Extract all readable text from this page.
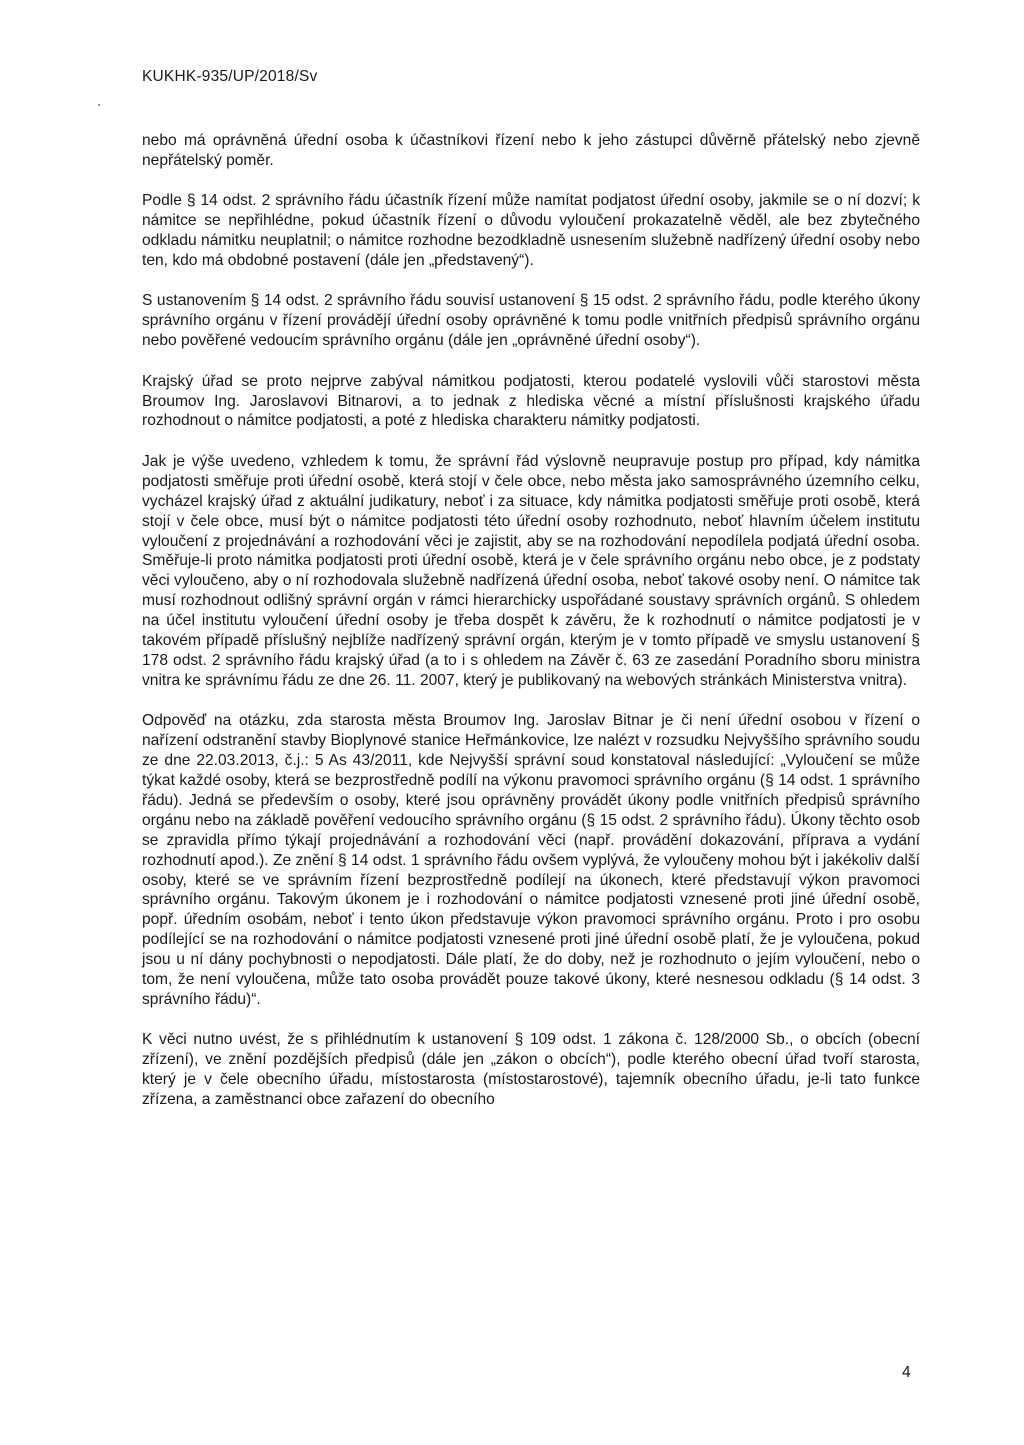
KUKHK-935/UP/2018/Sv

nebo má oprávněná úřední osoba k účastníkovi řízení nebo k jeho zástupci důvěrně přátelský nebo zjevně nepřátelský poměr.

Podle § 14 odst. 2 správního řádu účastník řízení může namítat podjatost úřední osoby, jakmile se o ní dozví; k námitce se nepřihlédne, pokud účastník řízení o důvodu vyloučení prokazatelně věděl, ale bez zbytečného odkladu námitku neuplatnil; o námitce rozhodne bezodkladně usnesením služebně nadřízený úřední osoby nebo ten, kdo má obdobné postavení (dále jen „představený“).

S ustanovením § 14 odst. 2 správního řádu souvisí ustanovení § 15 odst. 2 správního řádu, podle kterého úkony správního orgánu v řízení provádějí úřední osoby oprávněné k tomu podle vnitřních předpisů správního orgánu nebo pověřené vedoucím správního orgánu (dále jen „oprávněné úřední osoby“).

Krajský úřad se proto nejprve zabýval námitkou podjatosti, kterou podatelé vyslovili vůči starostovi města Broumov Ing. Jaroslavovi Bitnarovi, a to jednak z hlediska věcné a místní příslušnosti krajského úřadu rozhodnout o námitce podjatosti, a poté z hlediska charakteru námitky podjatosti.

Jak je výše uvedeno, vzhledem k tomu, že správní řád výslovně neupravuje postup pro případ, kdy námitka podjatosti směřuje proti úřední osobě, která stojí v čele obce, nebo města jako samosprávného územního celku, vycházel krajský úřad z aktuální judikatury, neboť i za situace, kdy námitka podjatosti směřuje proti osobě, která stojí v čele obce, musí být o námitce podjatosti této úřední osoby rozhodnuto, neboť hlavním účelem institutu vyloučení z projednávání a rozhodování věci je zajistit, aby se na rozhodování nepodílela podjatá úřední osoba. Směřuje-li proto námitka podjatosti proti úřední osobě, která je v čele správního orgánu nebo obce, je z podstaty věci vyloučeno, aby o ní rozhodovala služebně nadřízená úřední osoba, neboť takové osoby není. O námitce tak musí rozhodnout odlišný správní orgán v rámci hierarchicky uspořádané soustavy správních orgánů. S ohledem na účel institutu vyloučení úřední osoby je třeba dospět k závěru, že k rozhodnutí o námitce podjatosti je v takovém případě příslušný nejblíže nadřízený správní orgán, kterým je v tomto případě ve smyslu ustanovení § 178 odst. 2 správního řádu krajský úřad (a to i s ohledem na Závěr č. 63 ze zasedání Poradního sboru ministra vnitra ke správnímu řádu ze dne 26. 11. 2007, který je publikovaný na webových stránkách Ministerstva vnitra).

Odpověď na otázku, zda starosta města Broumov Ing. Jaroslav Bitnar je či není úřední osobou v řízení o nařízení odstranění stavby Bioplynové stanice Heřmánkovice, lze nalézt v rozsudku Nejvyššího správního soudu ze dne 22.03.2013, č.j.: 5 As 43/2011, kde Nejvyšší správní soud konstatoval následující: „Vyloučení se může týkat každé osoby, která se bezprostředně podílí na výkonu pravomoci správního orgánu (§ 14 odst. 1 správního řádu). Jedná se především o osoby, které jsou oprávněny provádět úkony podle vnitřních předpisů správního orgánu nebo na základě pověření vedoucího správního orgánu (§ 15 odst. 2 správního řádu). Úkony těchto osob se zpravidla přímo týkají projednávání a rozhodování věci (např. provádění dokazování, příprava a vydání rozhodnutí apod.). Ze znění § 14 odst. 1 správního řádu ovšem vyplývá, že vyloučeny mohou být i jakékoliv další osoby, které se ve správním řízení bezprostředně podílejí na úkonech, které představují výkon pravomoci správního orgánu. Takovým úkonem je i rozhodování o námitce podjatosti vznesené proti jiné úřední osobě, popř. úředním osobám, neboť i tento úkon představuje výkon pravomoci správního orgánu. Proto i pro osobu podílející se na rozhodování o námitce podjatosti vznesené proti jiné úřední osobě platí, že je vyloučena, pokud jsou u ní dány pochybnosti o nepodjatosti. Dále platí, že do doby, než je rozhodnuto o jejím vyloučení, nebo o tom, že není vyloučena, může tato osoba provádět pouze takové úkony, které nesnesou odkladu (§ 14 odst. 3 správního řádu)“.

K věci nutno uvést, že s přihlédnutím k ustanovení § 109 odst. 1 zákona č. 128/2000 Sb., o obcích (obecní zřízení), ve znění pozdějších předpisů (dále jen „zákon o obcích“), podle kterého obecní úřad tvoří starosta, který je v čele obecního úřadu, místostarosta (místostarostové), tajemník obecního úřadu, je-li tato funkce zřízena, a zaměstnanci obce zařazení do obecního

4
